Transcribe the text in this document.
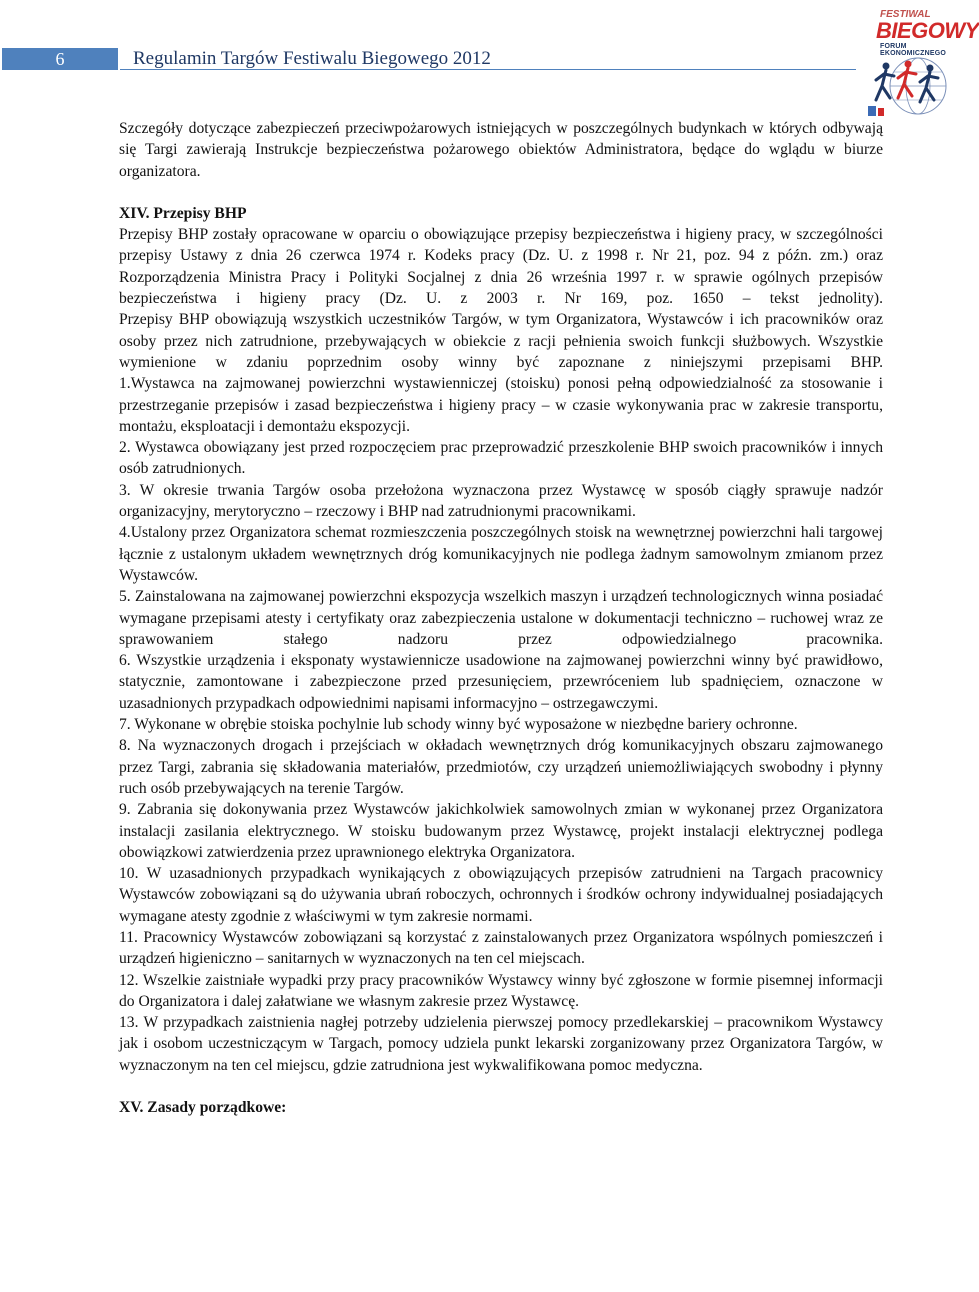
6	Regulamin Targów Festiwalu Biegowego 2012
FESTIWAL
BIEGOWY
FORUM EKONOMICZNEGO

Szczegóły dotyczące zabezpieczeń przeciwpożarowych istniejących w poszczególnych budynkach w których odbywają się Targi zawierają Instrukcje bezpieczeństwa pożarowego obiektów Administratora, będące do wglądu w biurze organizatora.

XIV. Przepisy BHP

Przepisy BHP zostały opracowane w oparciu o obowiązujące przepisy bezpieczeństwa i higieny pracy, w szczególności przepisy Ustawy z dnia 26 czerwca 1974 r. Kodeks pracy (Dz. U. z 1998 r. Nr 21, poz. 94 z późn. zm.) oraz Rozporządzenia Ministra Pracy i Polityki Socjalnej z dnia 26 września 1997 r. w sprawie ogólnych przepisów bezpieczeństwa i higieny pracy (Dz. U. z 2003 r. Nr 169, poz. 1650 – tekst jednolity).

Przepisy BHP obowiązują wszystkich uczestników Targów, w tym Organizatora, Wystawców i ich pracowników oraz osoby przez nich zatrudnione, przebywających w obiekcie z racji pełnienia swoich funkcji służbowych. Wszystkie wymienione w zdaniu poprzednim osoby winny być zapoznane z niniejszymi przepisami BHP.

1.Wystawca na zajmowanej powierzchni wystawienniczej (stoisku) ponosi pełną odpowiedzialność za stosowanie i przestrzeganie przepisów i zasad bezpieczeństwa i higieny pracy – w czasie wykonywania prac w zakresie transportu, montażu, eksploatacji i demontażu ekspozycji.

2. Wystawca obowiązany jest przed rozpoczęciem prac przeprowadzić przeszkolenie BHP swoich pracowników i innych osób zatrudnionych.

3. W okresie trwania Targów osoba przełożona wyznaczona przez Wystawcę w sposób ciągły sprawuje nadzór organizacyjny, merytoryczno – rzeczowy i BHP nad zatrudnionymi pracownikami.

4.Ustalony przez Organizatora schemat rozmieszczenia poszczególnych stoisk na wewnętrznej powierzchni hali targowej łącznie z ustalonym układem wewnętrznych dróg komunikacyjnych nie podlega żadnym samowolnym zmianom przez Wystawców.

5. Zainstalowana na zajmowanej powierzchni ekspozycja wszelkich maszyn i urządzeń technologicznych winna posiadać wymagane przepisami atesty i certyfikaty oraz zabezpieczenia ustalone w dokumentacji techniczno – ruchowej wraz ze sprawowaniem stałego nadzoru przez odpowiedzialnego pracownika.

6. Wszystkie urządzenia i eksponaty wystawiennicze usadowione na zajmowanej powierzchni winny być prawidłowo, statycznie, zamontowane i zabezpieczone przed przesunięciem, przewróceniem lub spadnięciem, oznaczone w uzasadnionych przypadkach odpowiednimi napisami informacyjno – ostrzegawczymi.

7. Wykonane w obrębie stoiska pochylnie lub schody winny być wyposażone w niezbędne bariery ochronne.

8. Na wyznaczonych drogach i przejściach w okładach wewnętrznych dróg komunikacyjnych obszaru zajmowanego przez Targi, zabrania się składowania materiałów, przedmiotów, czy urządzeń uniemożliwiających swobodny i płynny ruch osób przebywających na terenie Targów.

9. Zabrania się dokonywania przez Wystawców jakichkolwiek samowolnych zmian w wykonanej przez Organizatora instalacji zasilania elektrycznego. W stoisku budowanym przez Wystawcę, projekt instalacji elektrycznej podlega obowiązkowi zatwierdzenia przez uprawnionego elektryka Organizatora.

10. W uzasadnionych przypadkach wynikających z obowiązujących przepisów zatrudnieni na Targach pracownicy Wystawców zobowiązani są do używania ubrań roboczych, ochronnych i środków ochrony indywidualnej posiadających wymagane atesty zgodnie z właściwymi w tym zakresie normami.

11. Pracownicy Wystawców zobowiązani są korzystać z zainstalowanych przez Organizatora wspólnych pomieszczeń i urządzeń higieniczno – sanitarnych w wyznaczonych na ten cel miejscach.

12. Wszelkie zaistniałe wypadki przy pracy pracowników Wystawcy winny być zgłoszone w formie pisemnej informacji do Organizatora i dalej załatwiane we własnym zakresie przez Wystawcę.

13. W przypadkach zaistnienia nagłej potrzeby udzielenia pierwszej pomocy przedlekarskiej – pracownikom Wystawcy jak i osobom uczestniczącym w Targach, pomocy udziela punkt lekarski zorganizowany przez Organizatora Targów, w wyznaczonym na ten cel miejscu, gdzie zatrudniona jest wykwalifikowana pomoc medyczna.

XV. Zasady porządkowe:
